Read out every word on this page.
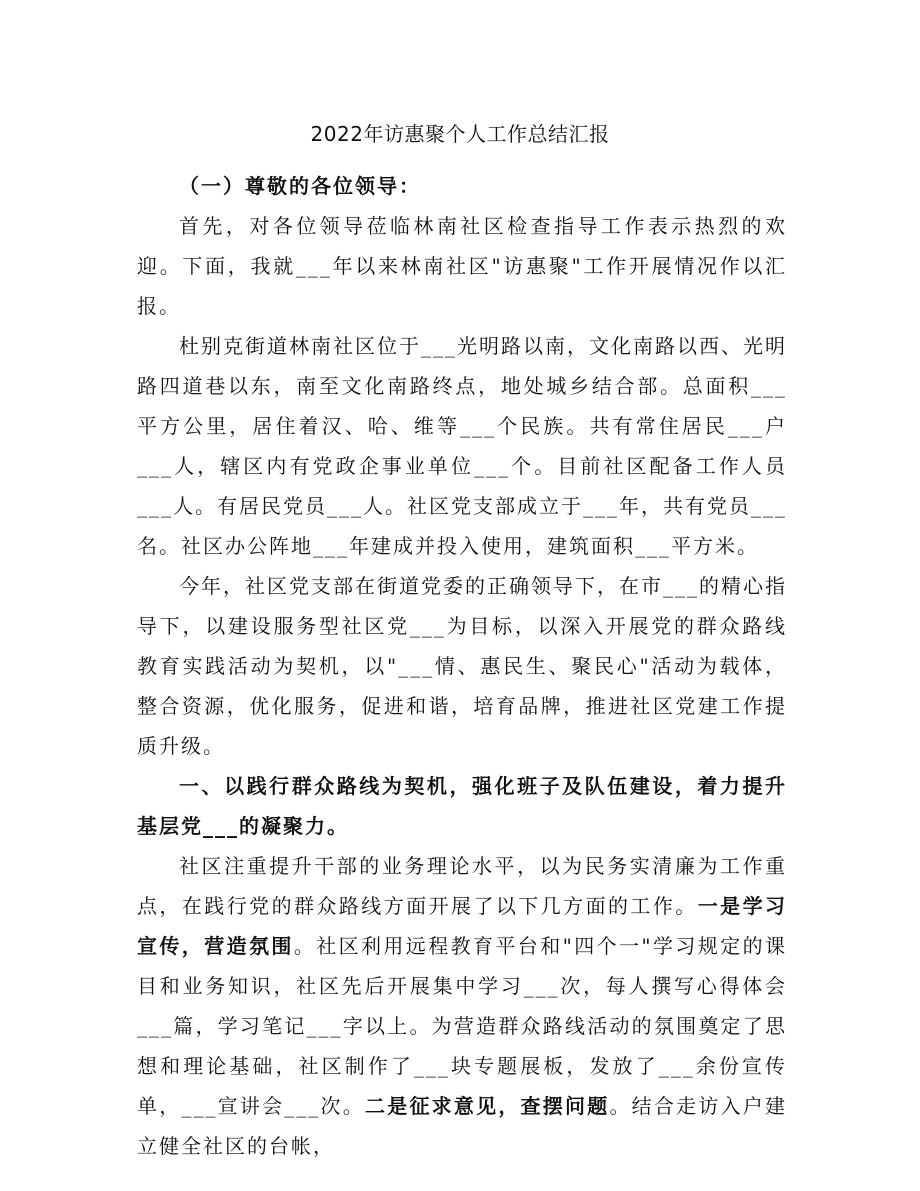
2022年访惠聚个人工作总结汇报

（一）尊敬的各位领导：

首先，对各位领导莅临林南社区检查指导工作表示热烈的欢迎。下面，我就___年以来林南社区"访惠聚"工作开展情况作以汇报。

杜别克街道林南社区位于___光明路以南，文化南路以西、光明路四道巷以东，南至文化南路终点，地处城乡结合部。总面积___平方公里，居住着汉、哈、维等___个民族。共有常住居民___户___人，辖区内有党政企事业单位___个。目前社区配备工作人员___人。有居民党员___人。社区党支部成立于___年，共有党员___名。社区办公阵地___年建成并投入使用，建筑面积___平方米。

今年，社区党支部在街道党委的正确领导下，在市___的精心指导下，以建设服务型社区党___为目标，以深入开展党的群众路线教育实践活动为契机，以"___情、惠民生、聚民心"活动为载体，整合资源，优化服务，促进和谐，培育品牌，推进社区党建工作提质升级。

一、以践行群众路线为契机，强化班子及队伍建设，着力提升基层党___的凝聚力。

社区注重提升干部的业务理论水平，以为民务实清廉为工作重点，在践行党的群众路线方面开展了以下几方面的工作。一是学习宣传，营造氛围。社区利用远程教育平台和"四个一"学习规定的课目和业务知识，社区先后开展集中学习___次，每人撰写心得体会___篇，学习笔记___字以上。为营造群众路线活动的氛围奠定了思想和理论基础，社区制作了___块专题展板，发放了___余份宣传单，___宣讲会___次。二是征求意见，查摆问题。结合走访入户建立健全社区的台帐，
